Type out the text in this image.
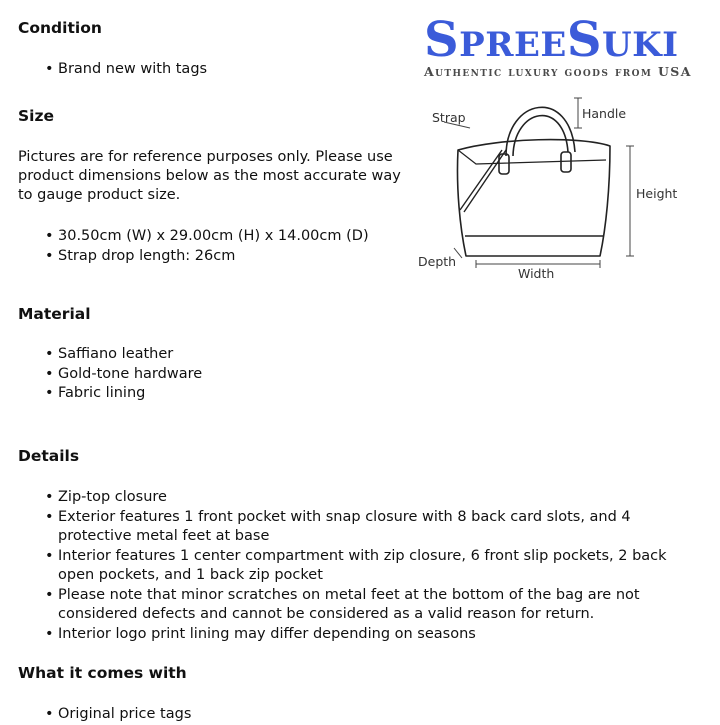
SpreeSuki
Authentic luxury goods from USA
Strap	Handle
Height
Depth
Width
Condition
• Brand new with tags
Size

Pictures are for reference purposes only. Please use product dimensions below as the most accurate way to gauge product size.

• 30.50cm (W) x 29.00cm (H) x 14.00cm (D)
• Strap drop length: 26cm
Material
• Saffiano leather
• Gold-tone hardware
• Fabric lining
Details
• Zip-top closure
• Exterior features 1 front pocket with snap closure with 8 back card slots, and 4 protective metal feet at base
• Interior features 1 center compartment with zip closure, 6 front slip pockets, 2 back open pockets, and 1 back zip pocket
• Please note that minor scratches on metal feet at the bottom of the bag are not considered defects and cannot be considered as a valid reason for return.
• Interior logo print lining may differ depending on seasons
What it comes with
• Original price tags
